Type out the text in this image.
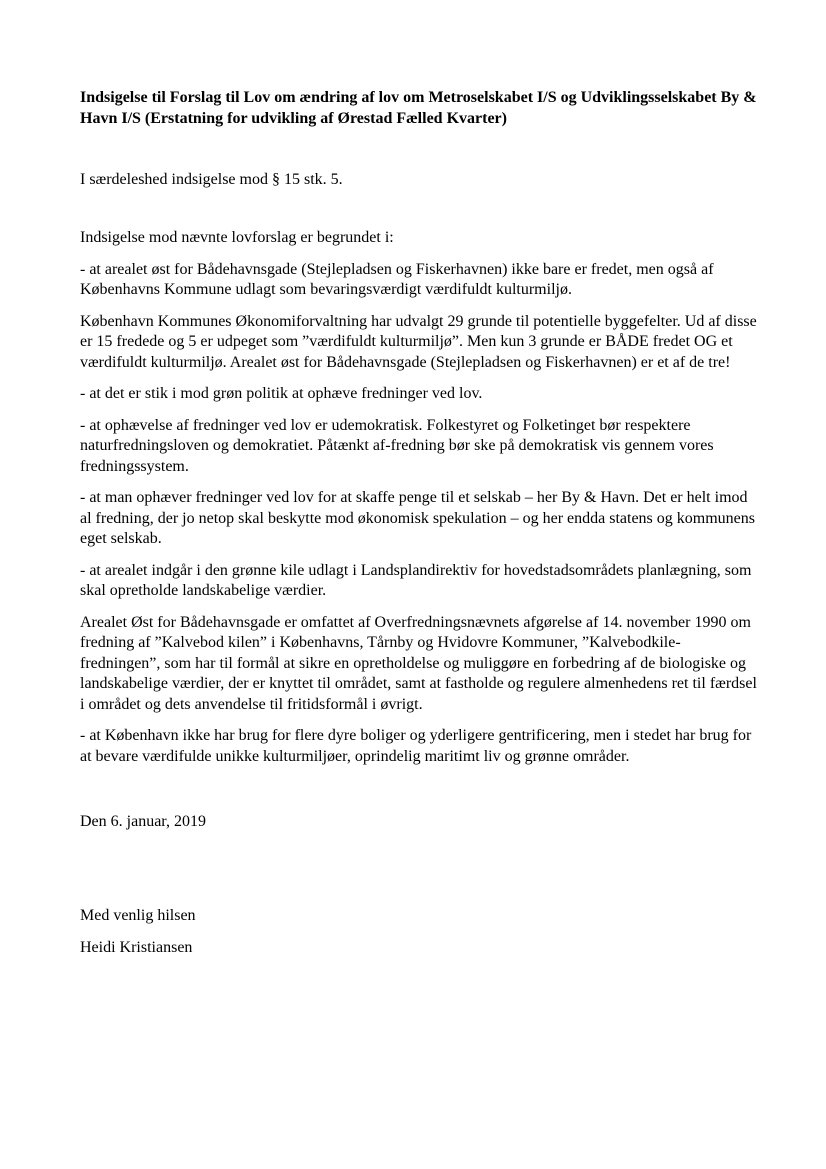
Indsigelse til Forslag til Lov om ændring af lov om Metroselskabet I/S og Udviklingsselskabet By & Havn I/S (Erstatning for udvikling af Ørestad Fælled Kvarter)

I særdeleshed indsigelse mod § 15 stk. 5.

Indsigelse mod nævnte lovforslag er begrundet i:

- at arealet øst for Bådehavnsgade (Stejlepladsen og Fiskerhavnen) ikke bare er fredet, men også af Københavns Kommune udlagt som bevaringsværdigt værdifuldt kulturmiljø.

København Kommunes Økonomiforvaltning har udvalgt 29 grunde til potentielle byggefelter. Ud af disse er 15 fredede og 5 er udpeget som ”værdifuldt kulturmiljø”. Men kun 3 grunde er BÅDE fredet OG et værdifuldt kulturmiljø. Arealet øst for Bådehavnsgade (Stejlepladsen og Fiskerhavnen) er et af de tre!

- at det er stik i mod grøn politik at ophæve fredninger ved lov.

- at ophævelse af fredninger ved lov er udemokratisk. Folkestyret og Folketinget bør respektere naturfredningsloven og demokratiet. Påtænkt af-fredning bør ske på demokratisk vis gennem vores fredningssystem.

- at man ophæver fredninger ved lov for at skaffe penge til et selskab – her By & Havn. Det er helt imod al fredning, der jo netop skal beskytte mod økonomisk spekulation – og her endda statens og kommunens eget selskab.

- at arealet indgår i den grønne kile udlagt i Landsplandirektiv for hovedstadsområdets planlægning, som skal opretholde landskabelige værdier.

Arealet Øst for Bådehavnsgade er omfattet af Overfredningsnævnets afgørelse af 14. november 1990 om fredning af ”Kalvebod kilen” i Københavns, Tårnby og Hvidovre Kommuner, ”Kalvebodkile-fredningen”, som har til formål at sikre en opretholdelse og muliggøre en forbedring af de biologiske og landskabelige værdier, der er knyttet til området, samt at fastholde og regulere almenhedens ret til færdsel i området og dets anvendelse til fritidsformål i øvrigt.

- at København ikke har brug for flere dyre boliger og yderligere gentrificering, men i stedet har brug for at bevare værdifulde unikke kulturmiljøer, oprindelig maritimt liv og grønne områder.

Den 6. januar, 2019

Med venlig hilsen

Heidi Kristiansen
